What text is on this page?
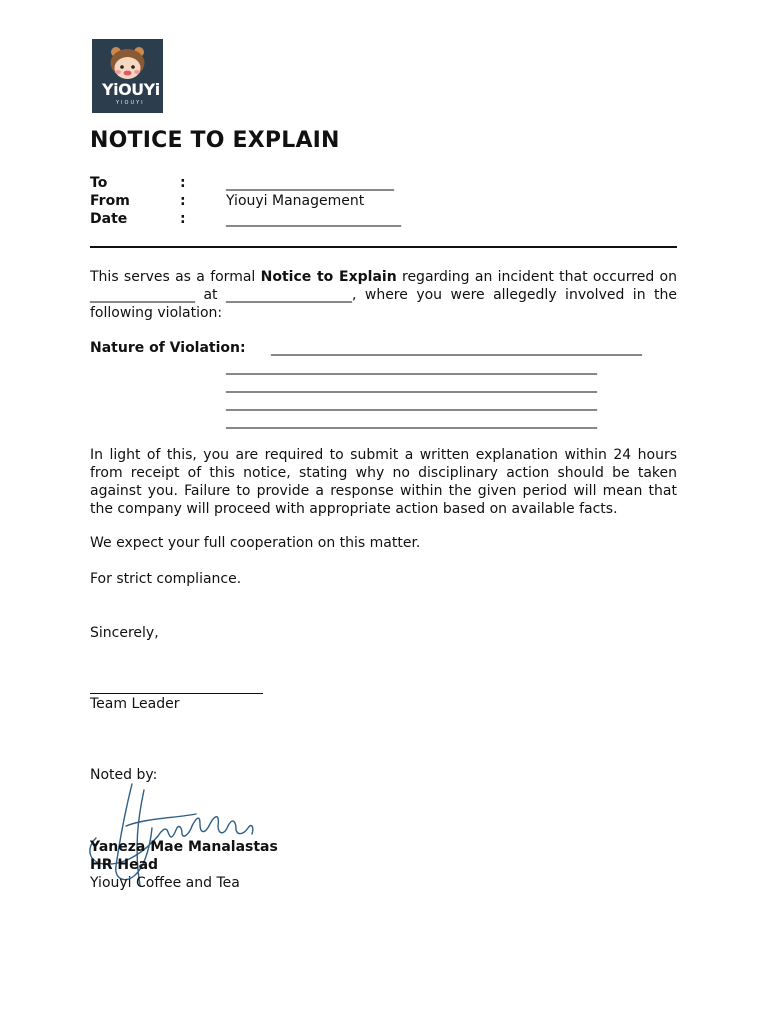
YiOUYi
YIOUYI
NOTICE TO EXPLAIN
To	:	________________________
From	:	Yiouyi Management
Date	:	_________________________
This serves as a formal Notice to Explain regarding an incident that occurred on _______________ at __________________, where you were allegedly involved in the following violation:
Nature of Violation: _____________________________________________________
_____________________________________________________
_____________________________________________________
_____________________________________________________
_____________________________________________________
In light of this, you are required to submit a written explanation within 24 hours from receipt of this notice, stating why no disciplinary action should be taken against you. Failure to provide a response within the given period will mean that the company will proceed with appropriate action based on available facts.
We expect your full cooperation on this matter.
For strict compliance.
Sincerely,
Team Leader
Noted by:
Yaneza Mae Manalastas
HR Head
Yiouyi Coffee and Tea
